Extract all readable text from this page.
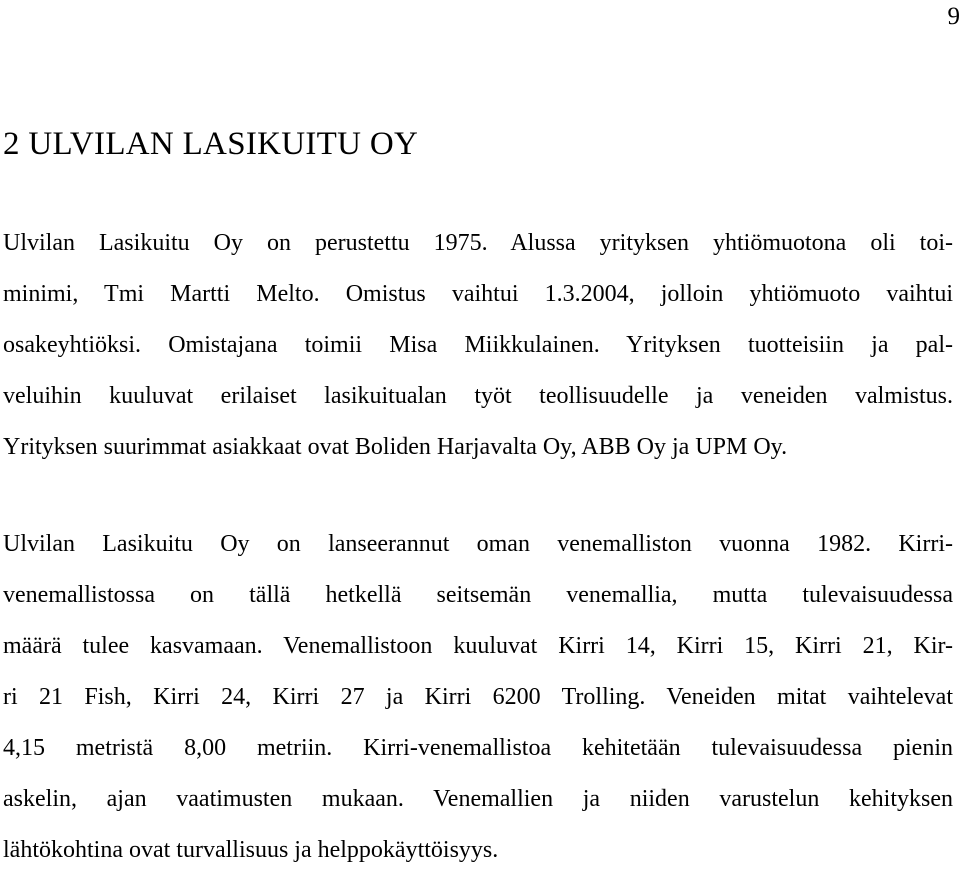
9
2 ULVILAN LASIKUITU OY
Ulvilan Lasikuitu Oy on perustettu 1975. Alussa yrityksen yhtiömuotona oli toi-
minimi, Tmi Martti Melto. Omistus vaihtui 1.3.2004, jolloin yhtiömuoto vaihtui
osakeyhtiöksi. Omistajana toimii Misa Miikkulainen. Yrityksen tuotteisiin ja pal-
veluihin kuuluvat erilaiset lasikuitualan työt teollisuudelle ja veneiden valmistus.
Yrityksen suurimmat asiakkaat ovat Boliden Harjavalta Oy, ABB Oy ja UPM Oy.
Ulvilan Lasikuitu Oy on lanseerannut oman venemalliston vuonna 1982. Kirri-
venemallistossa on tällä hetkellä seitsemän venemallia, mutta tulevaisuudessa
määrä tulee kasvamaan. Venemallistoon kuuluvat Kirri 14, Kirri 15, Kirri 21, Kir-
ri 21 Fish, Kirri 24, Kirri 27 ja Kirri 6200 Trolling. Veneiden mitat vaihtelevat
4,15 metristä 8,00 metriin. Kirri-venemallistoa kehitetään tulevaisuudessa pienin
askelin, ajan vaatimusten mukaan. Venemallien ja niiden varustelun kehityksen
lähtökohtina ovat turvallisuus ja helppokäyttöisyys.
